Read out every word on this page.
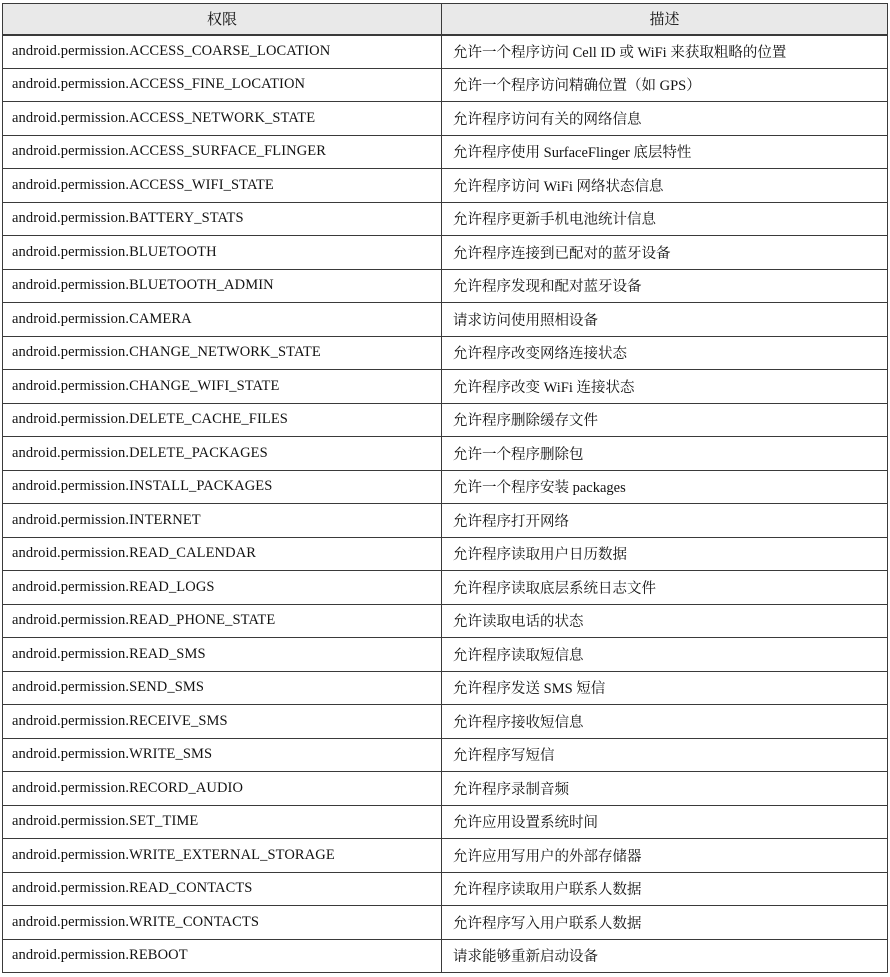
权限	描述
android.permission.ACCESS_COARSE_LOCATION	允许一个程序访问 Cell ID 或 WiFi 来获取粗略的位置
android.permission.ACCESS_FINE_LOCATION	允许一个程序访问精确位置（如 GPS）
android.permission.ACCESS_NETWORK_STATE	允许程序访问有关的网络信息
android.permission.ACCESS_SURFACE_FLINGER	允许程序使用 SurfaceFlinger 底层特性
android.permission.ACCESS_WIFI_STATE	允许程序访问 WiFi 网络状态信息
android.permission.BATTERY_STATS	允许程序更新手机电池统计信息
android.permission.BLUETOOTH	允许程序连接到已配对的蓝牙设备
android.permission.BLUETOOTH_ADMIN	允许程序发现和配对蓝牙设备
android.permission.CAMERA	请求访问使用照相设备
android.permission.CHANGE_NETWORK_STATE	允许程序改变网络连接状态
android.permission.CHANGE_WIFI_STATE	允许程序改变 WiFi 连接状态
android.permission.DELETE_CACHE_FILES	允许程序删除缓存文件
android.permission.DELETE_PACKAGES	允许一个程序删除包
android.permission.INSTALL_PACKAGES	允许一个程序安装 packages
android.permission.INTERNET	允许程序打开网络
android.permission.READ_CALENDAR	允许程序读取用户日历数据
android.permission.READ_LOGS	允许程序读取底层系统日志文件
android.permission.READ_PHONE_STATE	允许读取电话的状态
android.permission.READ_SMS	允许程序读取短信息
android.permission.SEND_SMS	允许程序发送 SMS 短信
android.permission.RECEIVE_SMS	允许程序接收短信息
android.permission.WRITE_SMS	允许程序写短信
android.permission.RECORD_AUDIO	允许程序录制音频
android.permission.SET_TIME	允许应用设置系统时间
android.permission.WRITE_EXTERNAL_STORAGE	允许应用写用户的外部存储器
android.permission.READ_CONTACTS	允许程序读取用户联系人数据
android.permission.WRITE_CONTACTS	允许程序写入用户联系人数据
android.permission.REBOOT	请求能够重新启动设备
